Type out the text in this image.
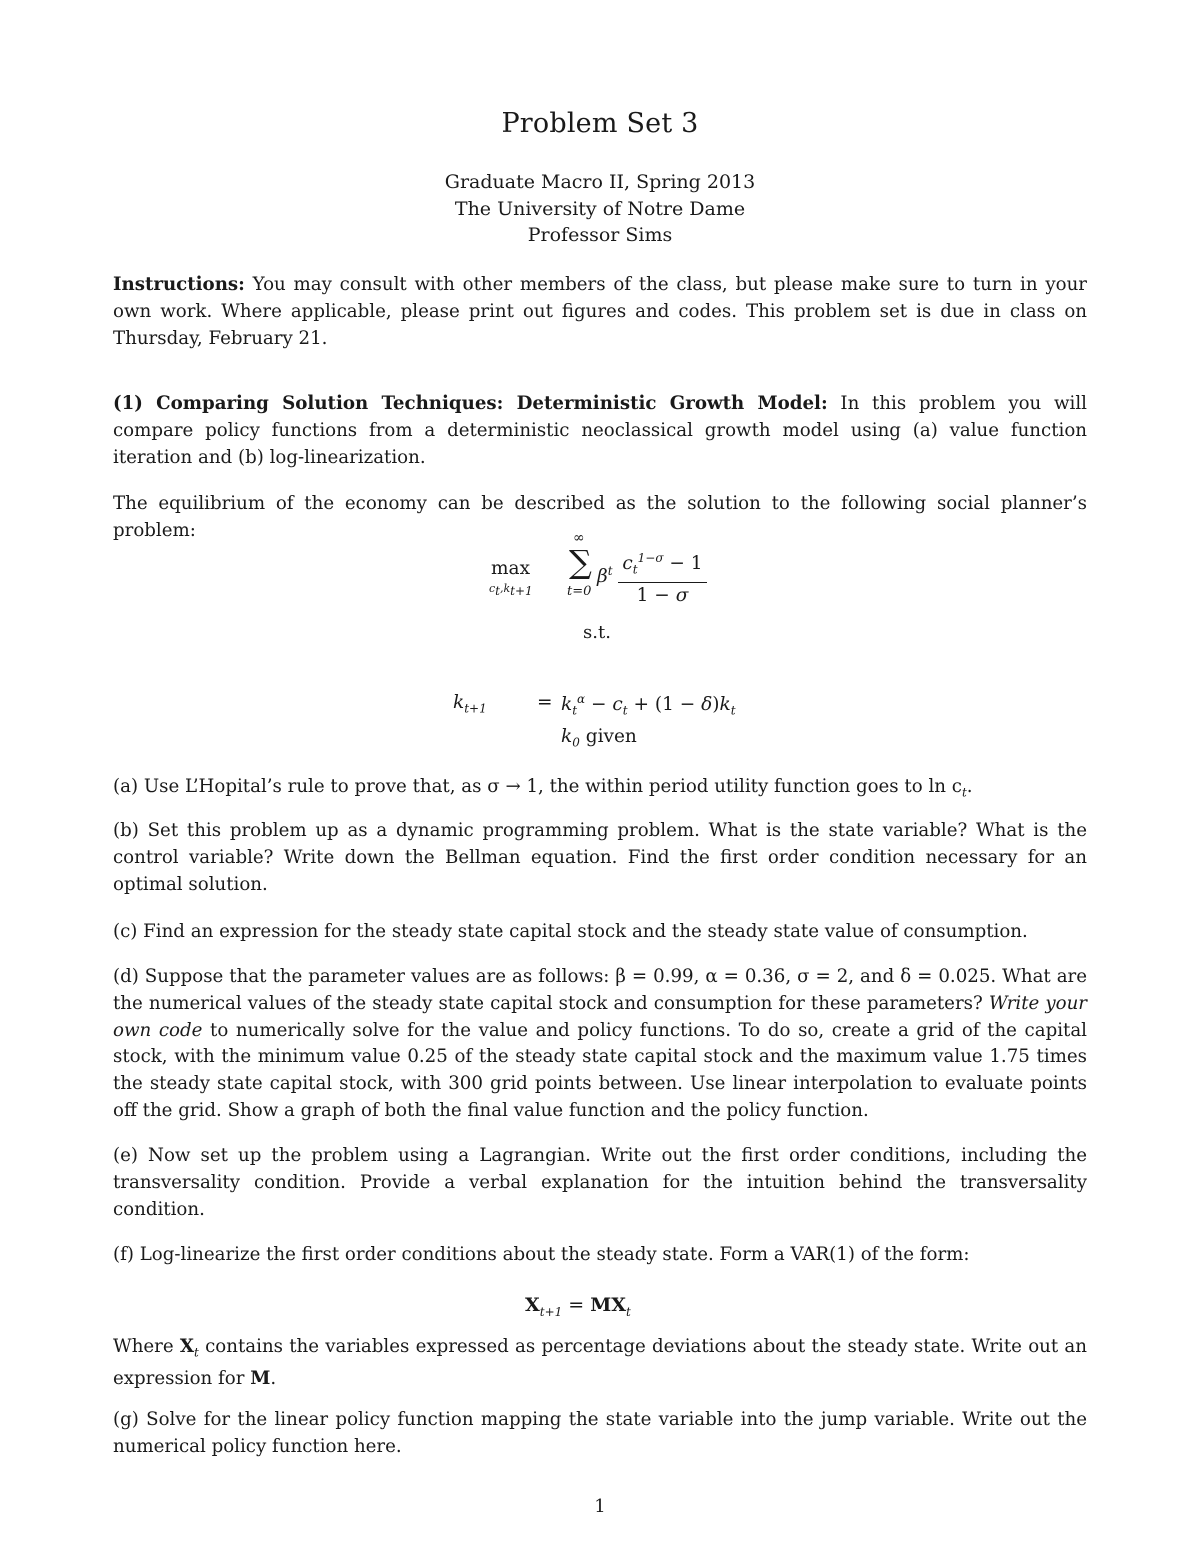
Problem Set 3
Graduate Macro II, Spring 2013
The University of Notre Dame
Professor Sims

Instructions: You may consult with other members of the class, but please make sure to turn in your own work. Where applicable, please print out figures and codes. This problem set is due in class on Thursday, February 21.

(1) Comparing Solution Techniques: Deterministic Growth Model: In this problem you will compare policy functions from a deterministic neoclassical growth model using (a) value function iteration and (b) log-linearization.

The equilibrium of the economy can be described as the solution to the following social planner’s problem:

max
$c_t,k_{t+1}$
∞
∑
t=0
$\beta^t \frac{c_t^{1-\sigma} - 1}{1 - \sigma}$
s.t.
$k_{t+1}$	= $k_t^\alpha - c_t + (1 - \delta)k_t$
$k_0$ given

(a) Use L’Hopital’s rule to prove that, as σ → 1, the within period utility function goes to $\ln c_t$.

(b) Set this problem up as a dynamic programming problem. What is the state variable? What is the control variable? Write down the Bellman equation. Find the first order condition necessary for an optimal solution.

(c) Find an expression for the steady state capital stock and the steady state value of consumption.

(d) Suppose that the parameter values are as follows: β = 0.99, α = 0.36, σ = 2, and δ = 0.025. What are the numerical values of the steady state capital stock and consumption for these parameters? Write your own code to numerically solve for the value and policy functions. To do so, create a grid of the capital stock, with the minimum value 0.25 of the steady state capital stock and the maximum value 1.75 times the steady state capital stock, with 300 grid points between. Use linear interpolation to evaluate points off the grid. Show a graph of both the final value function and the policy function.

(e) Now set up the problem using a Lagrangian. Write out the first order conditions, including the transversality condition. Provide a verbal explanation for the intuition behind the transversality condition.

(f) Log-linearize the first order conditions about the steady state. Form a VAR(1) of the form:

$X_{t+1} = MX_t$

Where $X_t$ contains the variables expressed as percentage deviations about the steady state. Write out an expression for M.

(g) Solve for the linear policy function mapping the state variable into the jump variable. Write out the numerical policy function here.

1
